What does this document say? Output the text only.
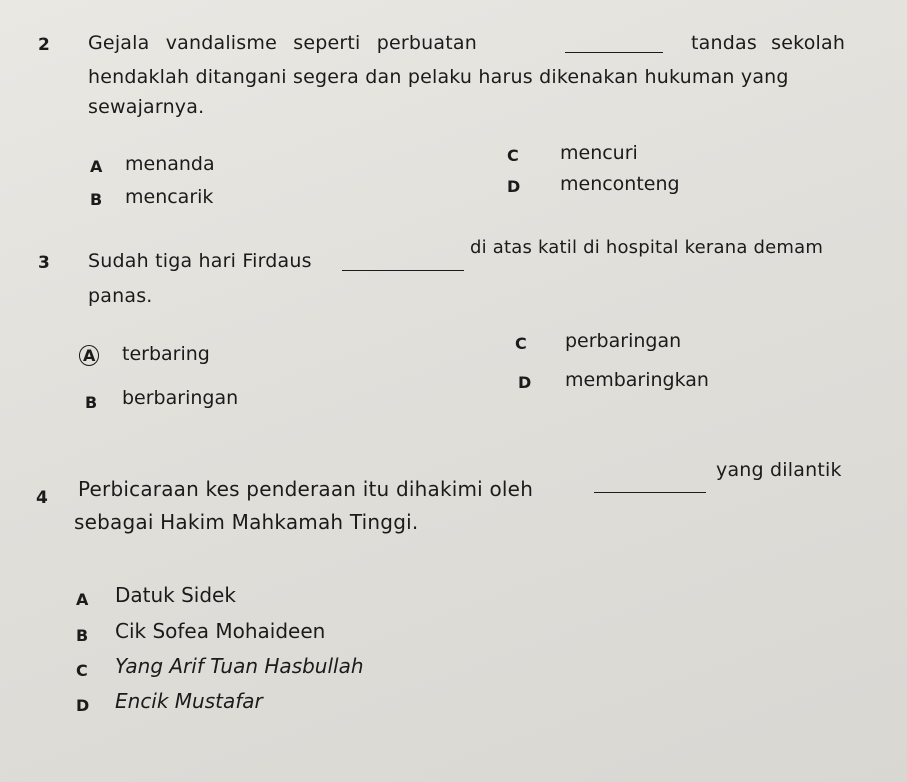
2 Gejala vandalisme seperti perbuatan	tandas sekolah
hendaklah ditangani segera dan pelaku harus dikenakan hukuman yang
sewajarnya.
A menanda
B mencarik
C mencuri
D menconteng
3 Sudah tiga hari Firdaus
di atas katil di hospital kerana demam
panas.
A terbaring
B berbaringan
C perbaringan
D membaringkan
4 Perbicaraan kes penderaan itu dihakimi oleh
yang dilantik
sebagai Hakim Mahkamah Tinggi.
A Datuk Sidek
B Cik Sofea Mohaideen
C Yang Arif Tuan Hasbullah
D Encik Mustafar
